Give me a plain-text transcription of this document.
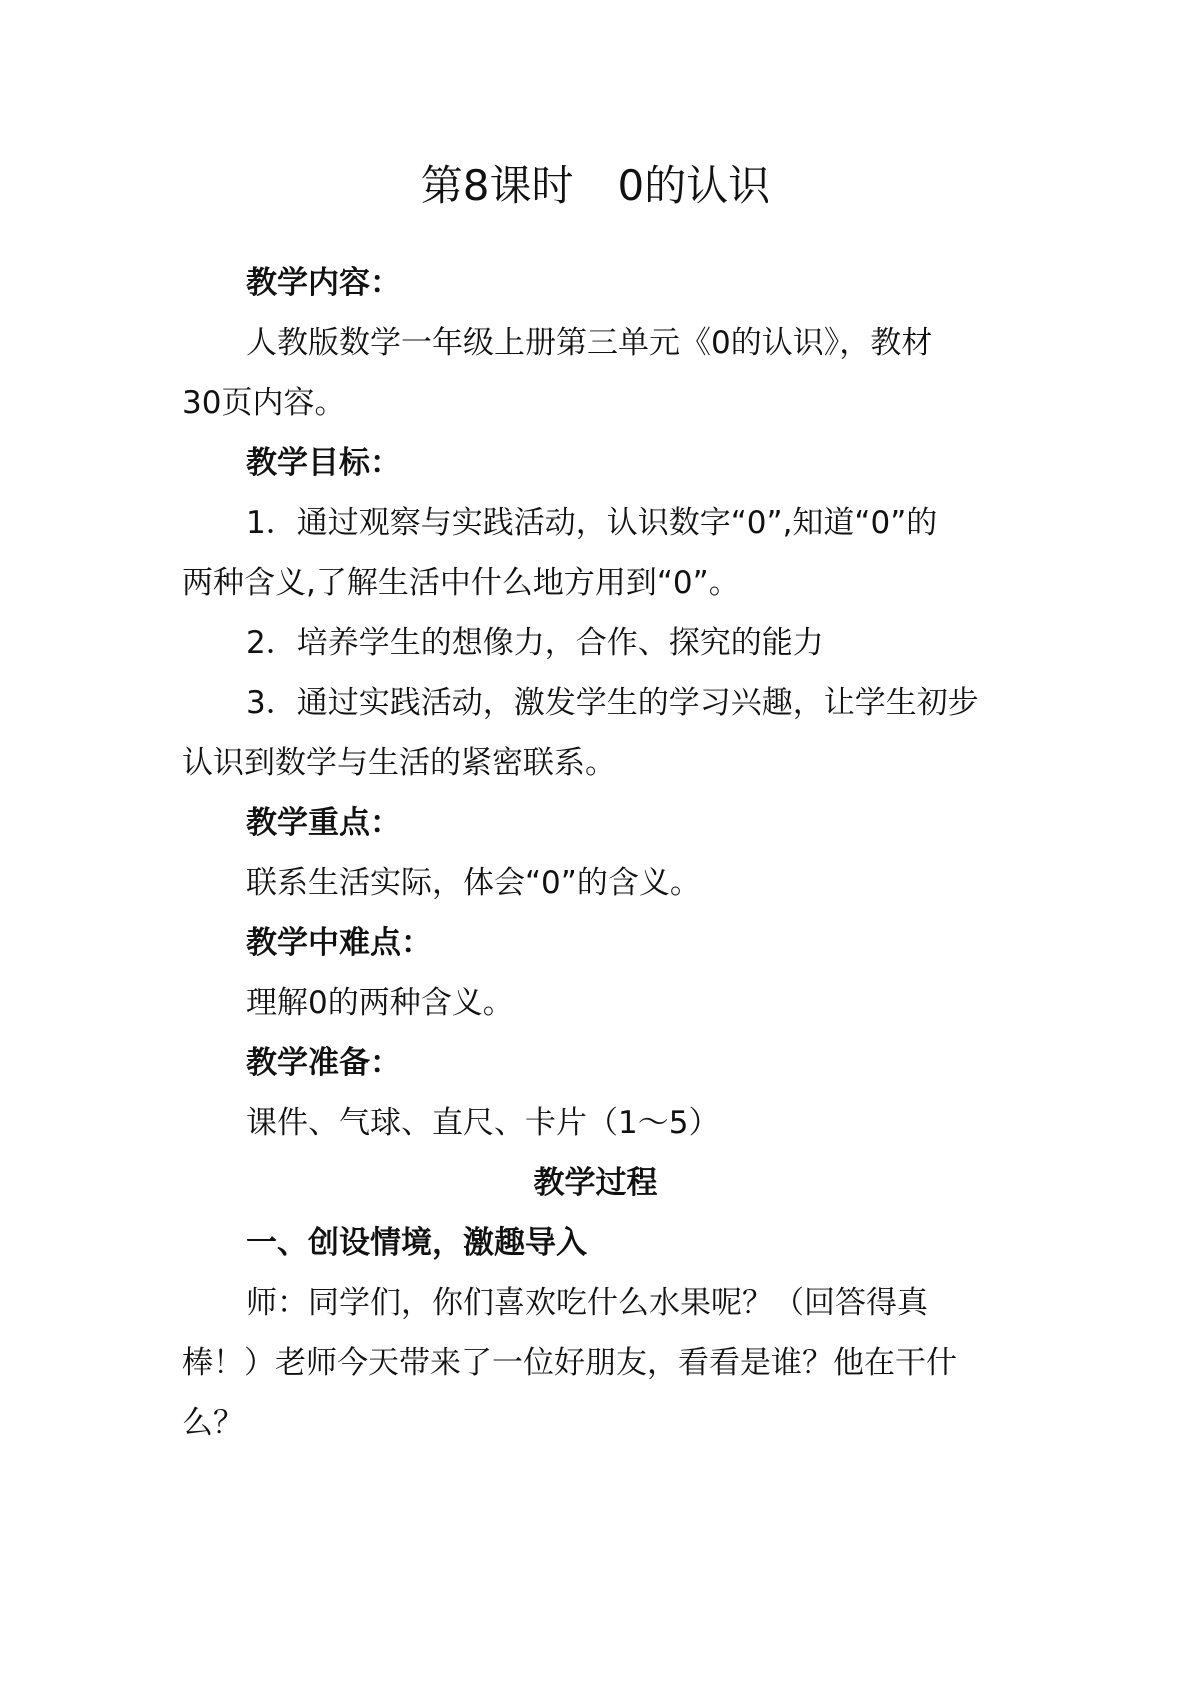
第8课时 0的认识
教学内容：
人教版数学一年级上册第三单元《0的认识》，教材
30页内容。
教学目标：
1．通过观察与实践活动，认识数字“0”,知道“0”的
两种含义,了解生活中什么地方用到“0”。
2．培养学生的想像力，合作、探究的能力
3．通过实践活动，激发学生的学习兴趣，让学生初步
认识到数学与生活的紧密联系。
教学重点：
联系生活实际，体会“0”的含义。
教学中难点：
理解0的两种含义。
教学准备：
课件、气球、直尺、卡片（1～5）
教学过程
一、创设情境，激趣导入
师：同学们，你们喜欢吃什么水果呢？（回答得真
棒！）老师今天带来了一位好朋友，看看是谁？他在干什
么？
